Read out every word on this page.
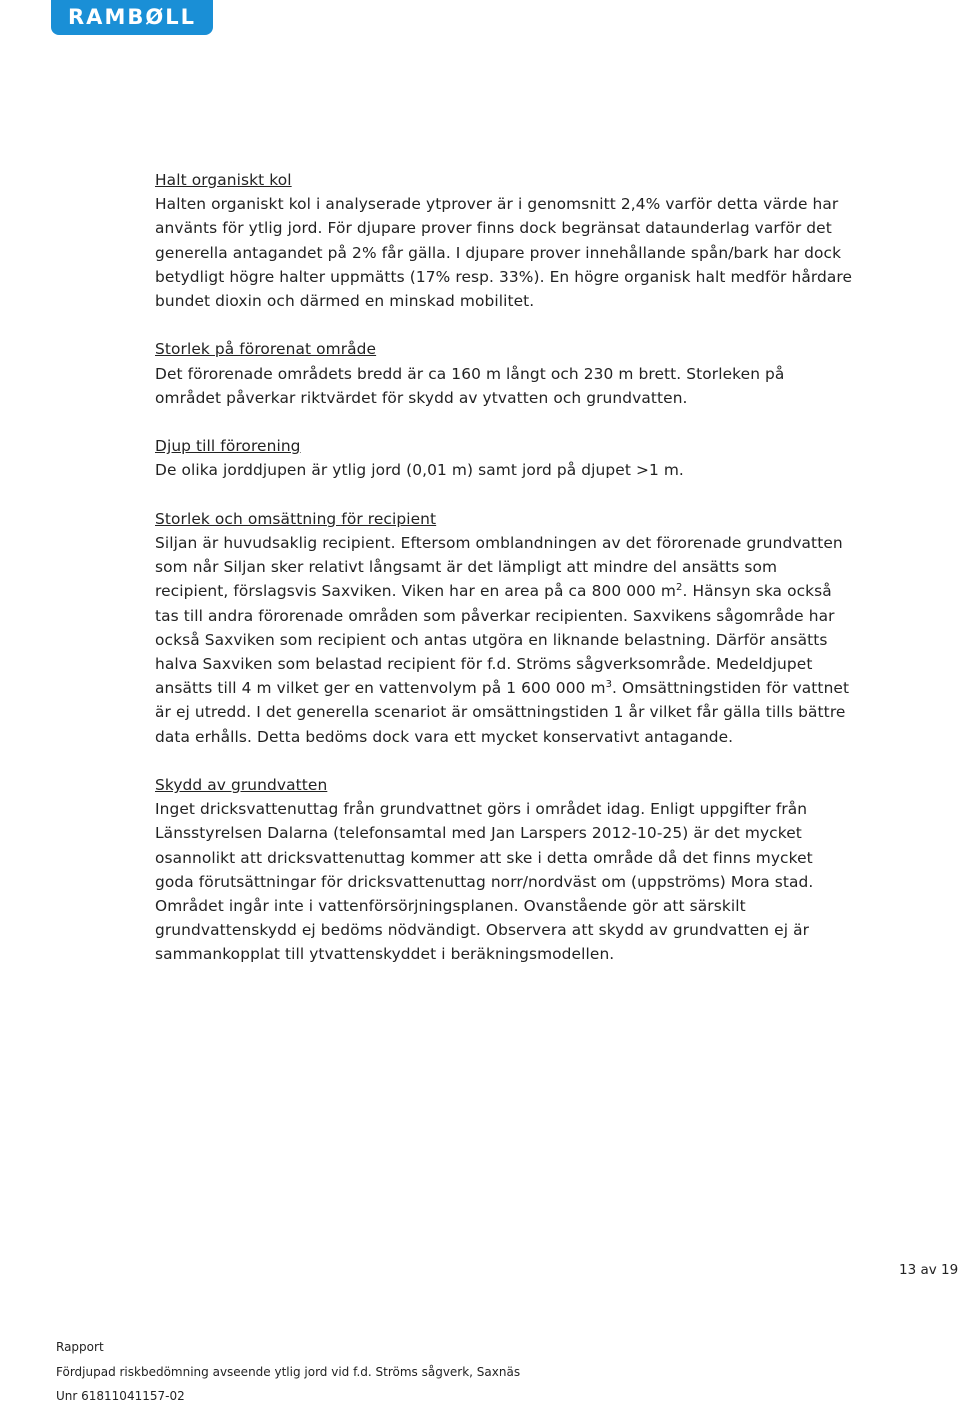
RAMBØLL

Halt organiskt kol

Halten organiskt kol i analyserade ytprover är i genomsnitt 2,4% varför detta värde har använts för ytlig jord. För djupare prover finns dock begränsat dataunderlag varför det generella antagandet på 2% får gälla. I djupare prover innehållande spån/bark har dock betydligt högre halter uppmätts (17% resp. 33%). En högre organisk halt medför hårdare bundet dioxin och därmed en minskad mobilitet.

Storlek på förorenat område

Det förorenade områdets bredd är ca 160 m långt och 230 m brett. Storleken på området påverkar riktvärdet för skydd av ytvatten och grundvatten.

Djup till förorening

De olika jorddjupen är ytlig jord (0,01 m) samt jord på djupet >1 m.

Storlek och omsättning för recipient

Siljan är huvudsaklig recipient. Eftersom omblandningen av det förorenade grundvatten som når Siljan sker relativt långsamt är det lämpligt att mindre del ansätts som recipient, förslagsvis Saxviken. Viken har en area på ca 800 000 $m^2$. Hänsyn ska också tas till andra förorenade områden som påverkar recipienten. Saxvikens sågområde har också Saxviken som recipient och antas utgöra en liknande belastning. Därför ansätts halva Saxviken som belastad recipient för f.d. Ströms sågverksområde. Medeldjupet ansätts till 4 m vilket ger en vattenvolym på 1 600 000 $m^3$. Omsättningstiden för vattnet är ej utredd. I det generella scenariot är omsättningstiden 1 år vilket får gälla tills bättre data erhålls. Detta bedöms dock vara ett mycket konservativt antagande.

Skydd av grundvatten

Inget dricksvattenuttag från grundvattnet görs i området idag. Enligt uppgifter från Länsstyrelsen Dalarna (telefonsamtal med Jan Larspers 2012-10-25) är det mycket osannolikt att dricksvattenuttag kommer att ske i detta område då det finns mycket goda förutsättningar för dricksvattenuttag norr/nordväst om (uppströms) Mora stad. Området ingår inte i vattenförsörjningsplanen. Ovanstående gör att särskilt grundvattenskydd ej bedöms nödvändigt. Observera att skydd av grundvatten ej är sammankopplat till ytvattenskyddet i beräkningsmodellen.

13 av 19
Rapport
Fördjupad riskbedömning avseende ytlig jord vid f.d. Ströms sågverk, Saxnäs
Unr 61811041157-02
